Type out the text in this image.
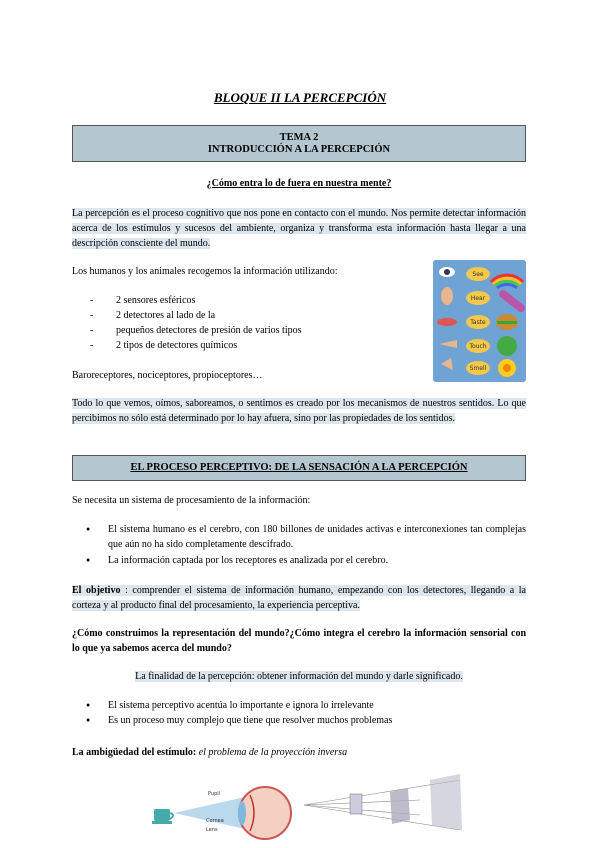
BLOQUE II LA PERCEPCIÓN
TEMA 2
INTRODUCCIÓN A LA PERCEPCIÓN
¿Cómo entra lo de fuera en nuestra mente?
La percepción es el proceso cognitivo que nos pone en contacto con el mundo. Nos permite detectar información acerca de los estímulos y sucesos del ambiente, organiza y transforma esta información hasta llegar a una descripción consciente del mundo.
Los humanos y los animales recogemos la información utilizando:
- 2 sensores esféricos
- 2 detectores al lado de la
- pequeños detectores de presión de varios tipos
- 2 tipos de detectores químicos
Baroreceptores, nociceptores, propioceptores…
See
Hear
Taste
Touch
Smell
Todo lo que vemos, oímos, saboreamos, o sentimos es creado por los mecanismos de nuestros sentidos. Lo que percibimos no sólo está determinado por lo hay afuera, sino por las propiedades de los sentidos.
EL PROCESO PERCEPTIVO: DE LA SENSACIÓN A LA PERCEPCIÓN
Se necesita un sistema de procesamiento de la información:
● El sistema humano es el cerebro, con 180 billones de unidades activas e interconexiones tan complejas que aún no ha sido completamente descifrado.
● La información captada por los receptores es analizada por el cerebro.
El objetivo : comprender el sistema de información humano, empezando con los detectores, llegando a la corteza y al producto final del procesamiento, la experiencia perceptiva.
¿Cómo construimos la representación del mundo?¿Cómo integra el cerebro la información sensorial con lo que ya sabemos acerca del mundo?
La finalidad de la percepción: obtener información del mundo y darle significado.
● El sistema perceptivo acentúa lo importante e ignora lo irrelevante
● Es un proceso muy complejo que tiene que resolver muchos problemas
La ambigüedad del estímulo: el problema de la proyección inversa
Pupil
Cornea
Lens
